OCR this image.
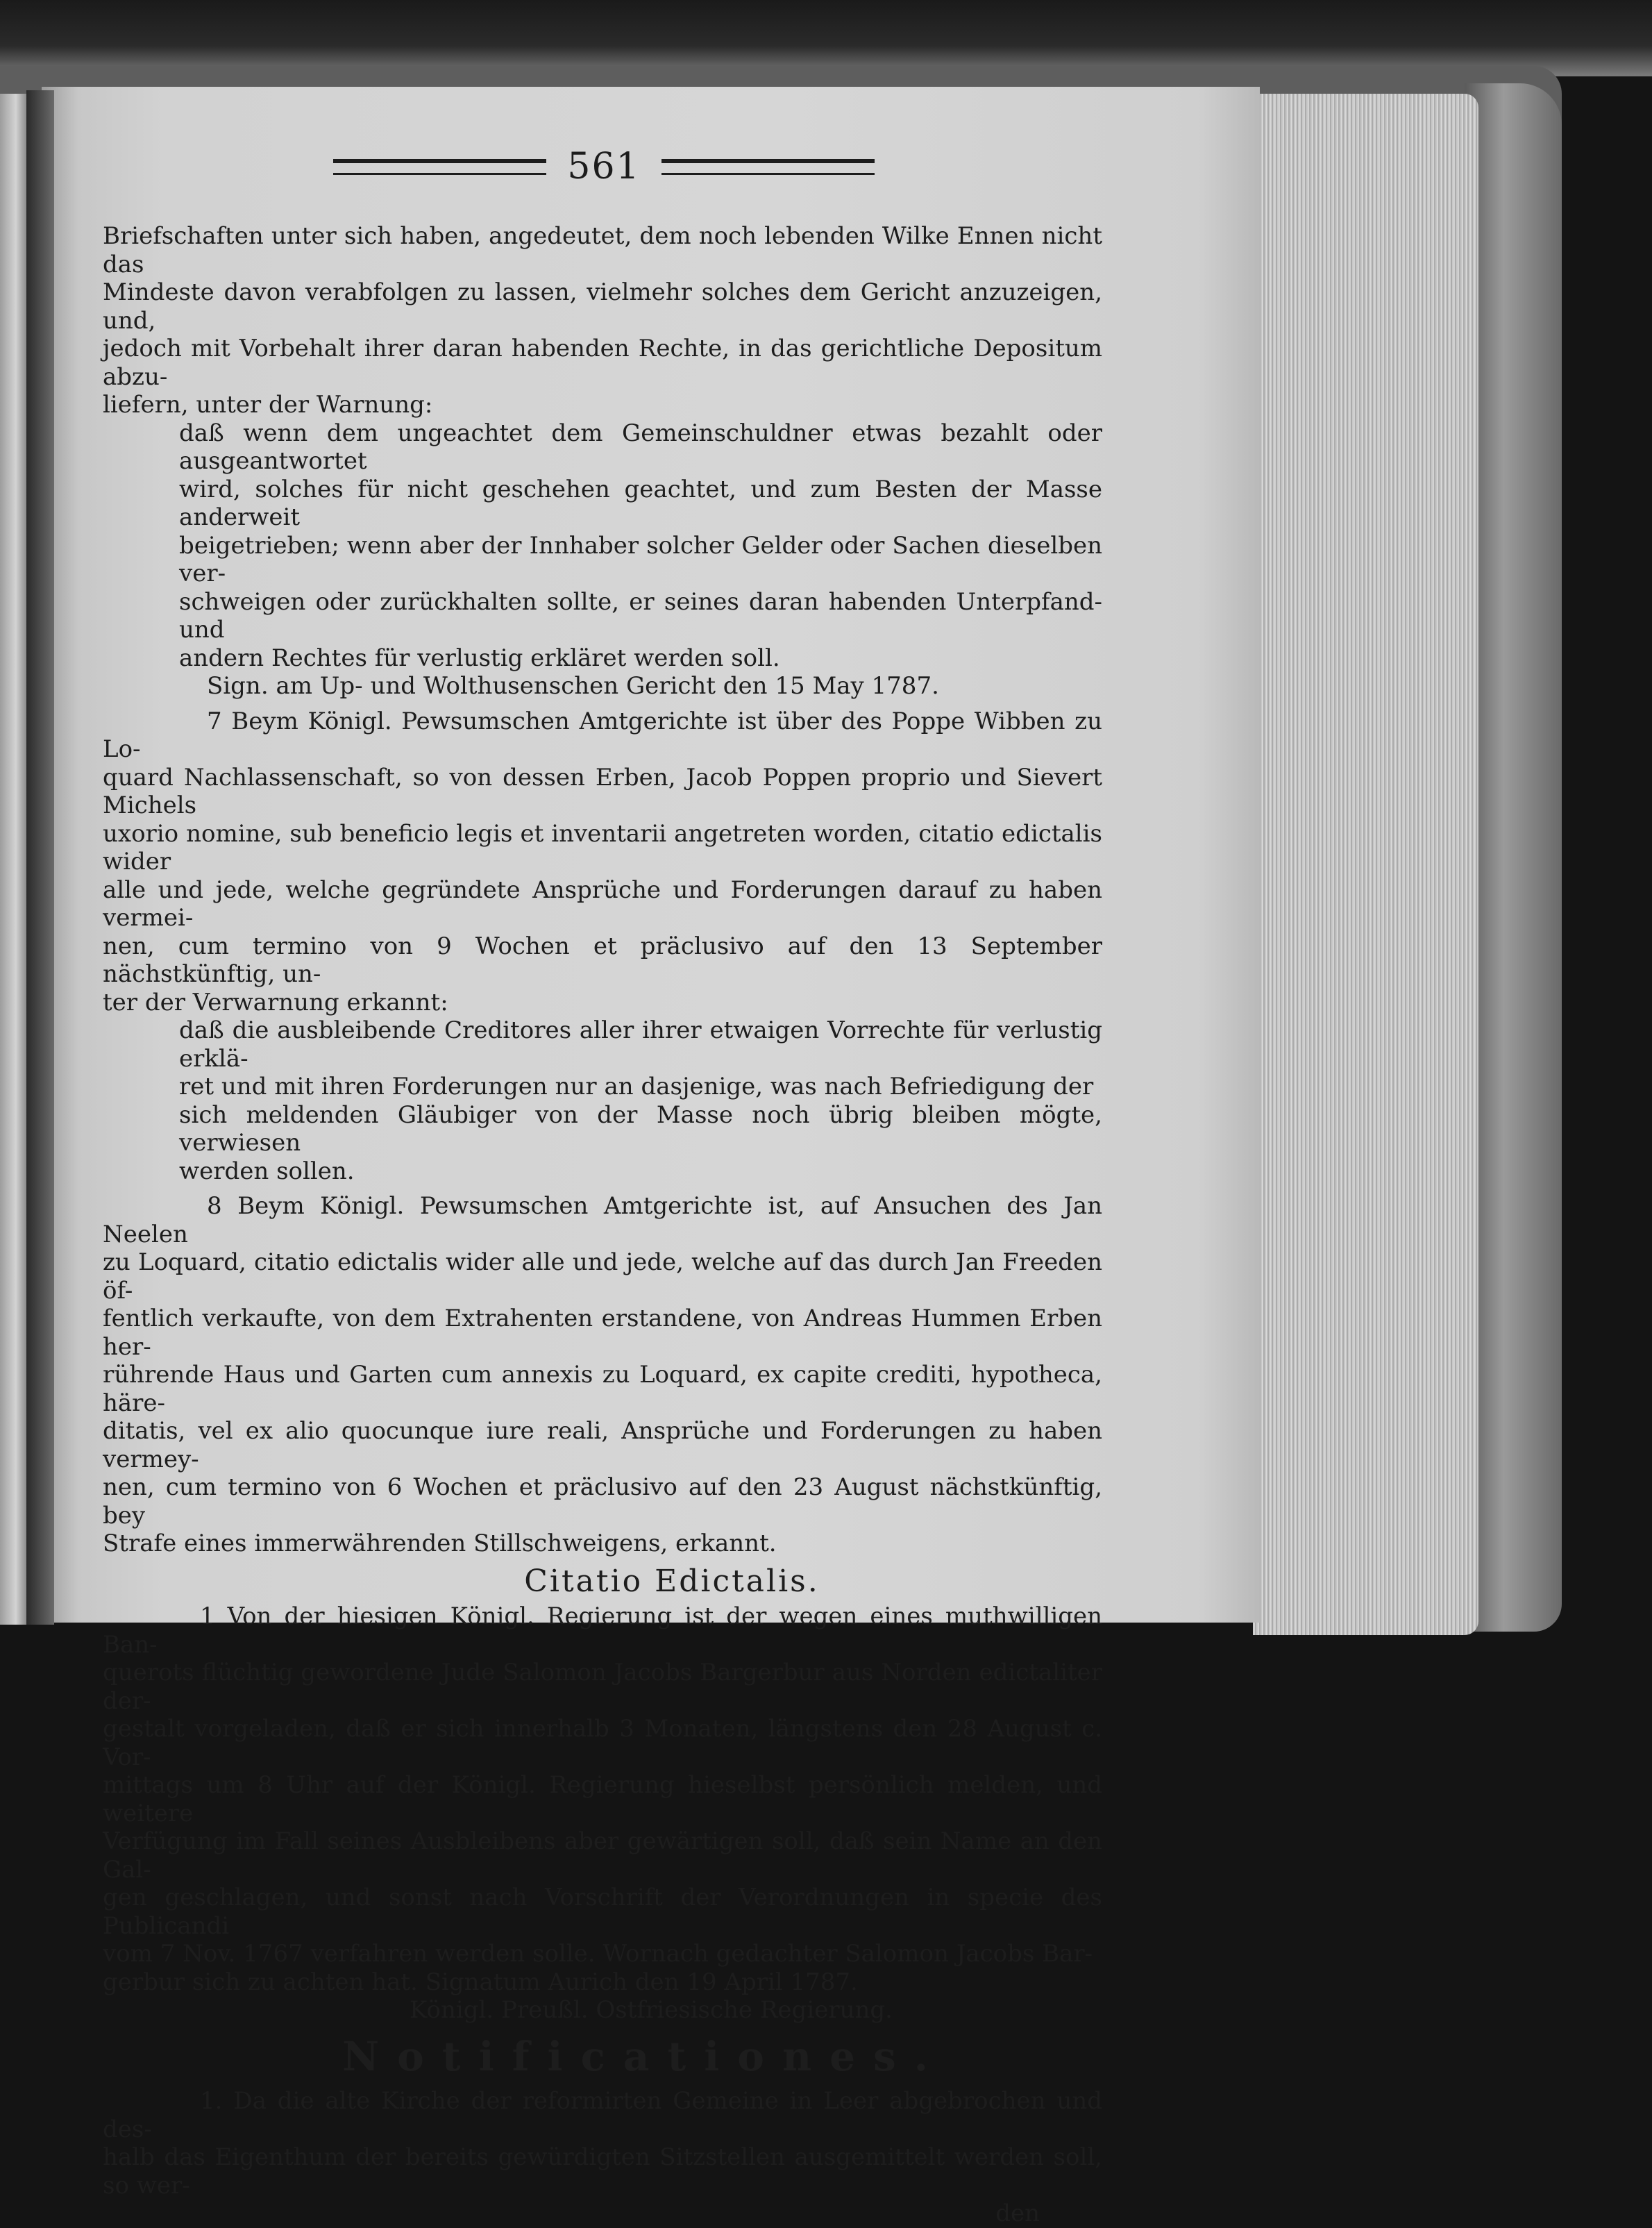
561

Briefschaften unter sich haben, angedeutet, dem noch lebenden Wilke Ennen nicht das

Mindeste davon verabfolgen zu lassen, vielmehr solches dem Gericht anzuzeigen, und,

jedoch mit Vorbehalt ihrer daran habenden Rechte, in das gerichtliche Depositum abzu-

liefern, unter der Warnung:

daß wenn dem ungeachtet dem Gemeinschuldner etwas bezahlt oder ausgeantwortet

wird, solches für nicht geschehen geachtet, und zum Besten der Masse anderweit

beigetrieben; wenn aber der Innhaber solcher Gelder oder Sachen dieselben ver-

schweigen oder zurückhalten sollte, er seines daran habenden Unterpfand- und

andern Rechtes für verlustig erkläret werden soll.

Sign. am Up- und Wolthusenschen Gericht den 15 May 1787.

7 Beym Königl. Pewsumschen Amtgerichte ist über des Poppe Wibben zu Lo-

quard Nachlassenschaft, so von dessen Erben, Jacob Poppen proprio und Sievert Michels

uxorio nomine, sub beneficio legis et inventarii angetreten worden, citatio edictalis wider

alle und jede, welche gegründete Ansprüche und Forderungen darauf zu haben vermei-

nen, cum termino von 9 Wochen et präclusivo auf den 13 September nächstkünftig, un-

ter der Verwarnung erkannt:

daß die ausbleibende Creditores aller ihrer etwaigen Vorrechte für verlustig erklä-

ret und mit ihren Forderungen nur an dasjenige, was nach Befriedigung der

sich meldenden Gläubiger von der Masse noch übrig bleiben mögte, verwiesen

werden sollen.

8 Beym Königl. Pewsumschen Amtgerichte ist, auf Ansuchen des Jan Neelen

zu Loquard, citatio edictalis wider alle und jede, welche auf das durch Jan Freeden öf-

fentlich verkaufte, von dem Extrahenten erstandene, von Andreas Hummen Erben her-

rührende Haus und Garten cum annexis zu Loquard, ex capite crediti, hypotheca, häre-

ditatis, vel ex alio quocunque iure reali, Ansprüche und Forderungen zu haben vermey-

nen, cum termino von 6 Wochen et präclusivo auf den 23 August nächstkünftig, bey

Strafe eines immerwährenden Stillschweigens, erkannt.

Citatio Edictalis.

1 Von der hiesigen Königl. Regierung ist der wegen eines muthwilligen Ban-

querots flüchtig gewordene Jude Salomon Jacobs Bargerbur aus Norden edictaliter der-

gestalt vorgeladen, daß er sich innerhalb 3 Monaten, längstens den 28 August c. Vor-

mittags um 8 Uhr auf der Königl. Regierung hieselbst persönlich melden, und weitere

Verfügung im Fall seines Ausbleibens aber gewärtigen soll, daß sein Name an den Gal-

gen geschlagen, und sonst nach Vorschrift der Verordnungen in specie des Publicandi

vom 7 Nov. 1767 verfahren werden solle. Wornach gedachter Salomon Jacobs Bar-

gerbur sich zu achten hat. Signatum Aurich den 19 April 1787.

Königl. Preußl. Ostfriesische Regierung.

Notificationes.

1. Da die alte Kirche der reformirten Gemeine in Leer abgebrochen und des-

halb das Eigenthum der bereits gewürdigten Sitzstellen ausgemittelt werden soll, so wer-

den
